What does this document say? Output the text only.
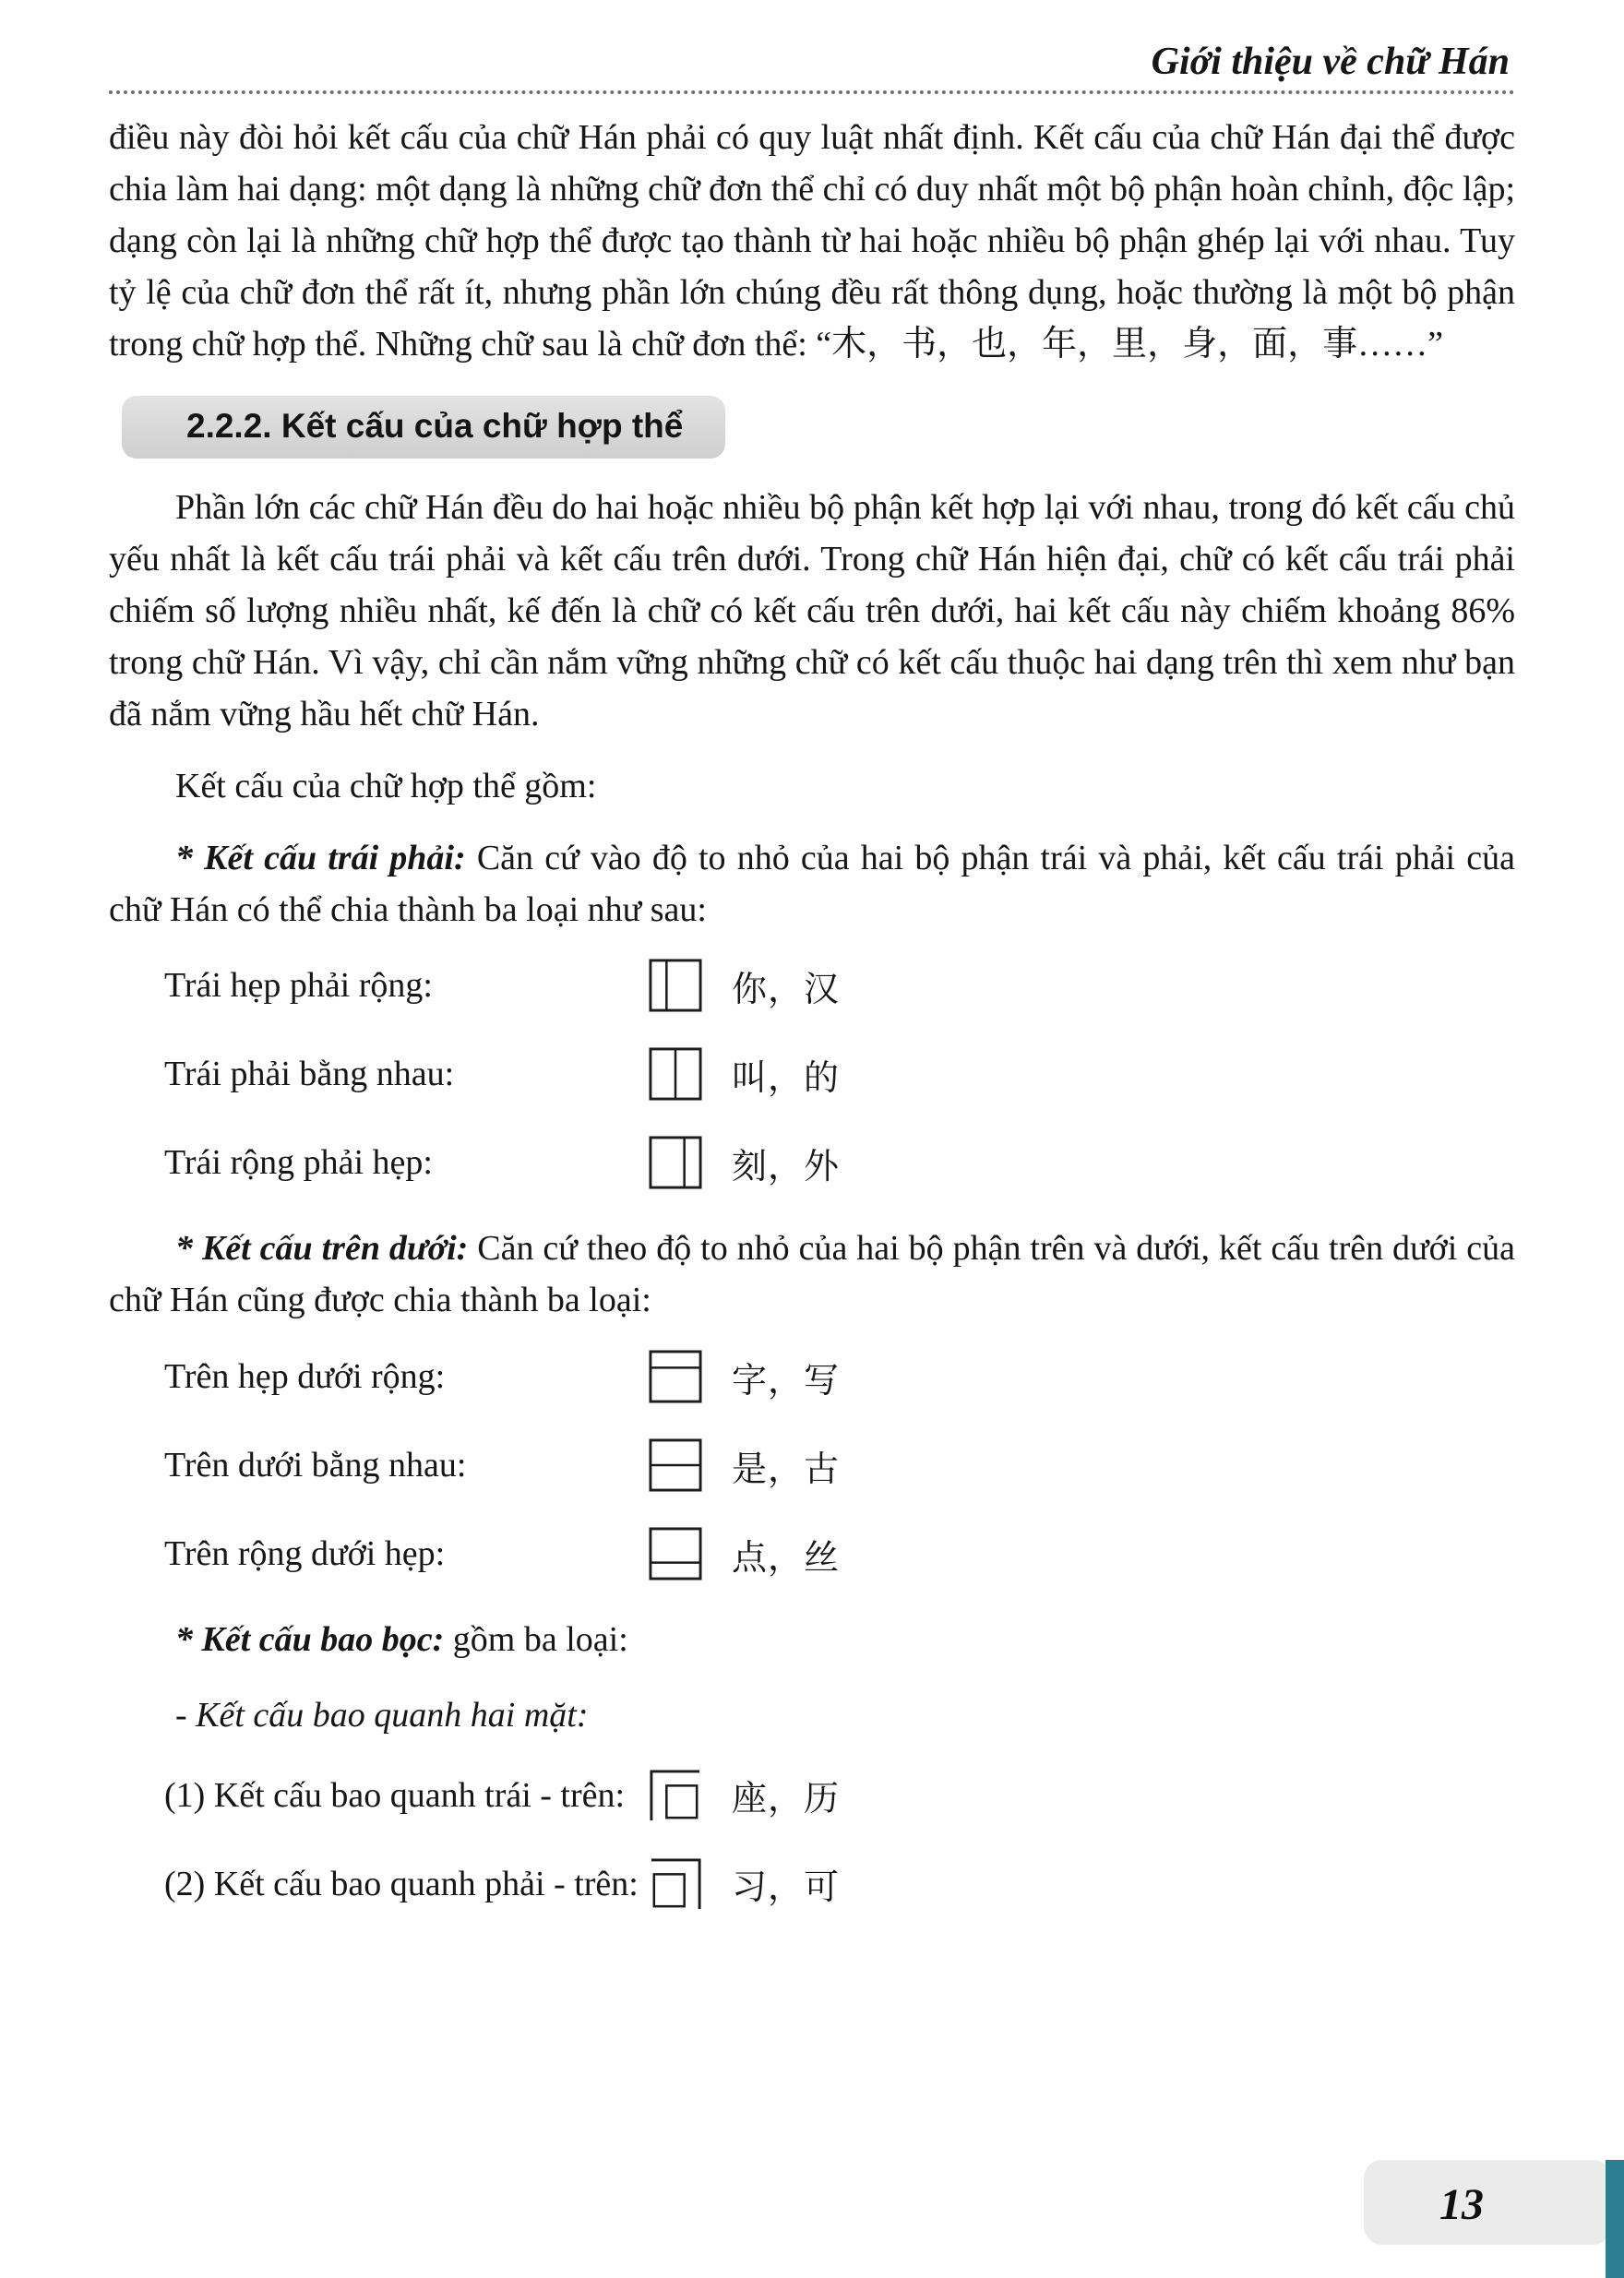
Giới thiệu về chữ Hán

điều này đòi hỏi kết cấu của chữ Hán phải có quy luật nhất định. Kết cấu của chữ Hán đại thể được chia làm hai dạng: một dạng là những chữ đơn thể chỉ có duy nhất một bộ phận hoàn chỉnh, độc lập; dạng còn lại là những chữ hợp thể được tạo thành từ hai hoặc nhiều bộ phận ghép lại với nhau. Tuy tỷ lệ của chữ đơn thể rất ít, nhưng phần lớn chúng đều rất thông dụng, hoặc thường là một bộ phận trong chữ hợp thể. Những chữ sau là chữ đơn thể: “木，书，也，年，里，身，面，事……”

2.2.2. Kết cấu của chữ hợp thể

Phần lớn các chữ Hán đều do hai hoặc nhiều bộ phận kết hợp lại với nhau, trong đó kết cấu chủ yếu nhất là kết cấu trái phải và kết cấu trên dưới. Trong chữ Hán hiện đại, chữ có kết cấu trái phải chiếm số lượng nhiều nhất, kế đến là chữ có kết cấu trên dưới, hai kết cấu này chiếm khoảng 86% trong chữ Hán. Vì vậy, chỉ cần nắm vững những chữ có kết cấu thuộc hai dạng trên thì xem như bạn đã nắm vững hầu hết chữ Hán.

Kết cấu của chữ hợp thể gồm:

* Kết cấu trái phải: Căn cứ vào độ to nhỏ của hai bộ phận trái và phải, kết cấu trái phải của chữ Hán có thể chia thành ba loại như sau:

Trái hẹp phải rộng:	你，汉
Trái phải bằng nhau:	叫，的
Trái rộng phải hẹp:	刻，外

* Kết cấu trên dưới: Căn cứ theo độ to nhỏ của hai bộ phận trên và dưới, kết cấu trên dưới của chữ Hán cũng được chia thành ba loại:

Trên hẹp dưới rộng:	字，写
Trên dưới bằng nhau:	是，古
Trên rộng dưới hẹp:	点，丝

* Kết cấu bao bọc: gồm ba loại:

- Kết cấu bao quanh hai mặt:

(1) Kết cấu bao quanh trái - trên:	座，历
(2) Kết cấu bao quanh phải - trên:	习，可
13
